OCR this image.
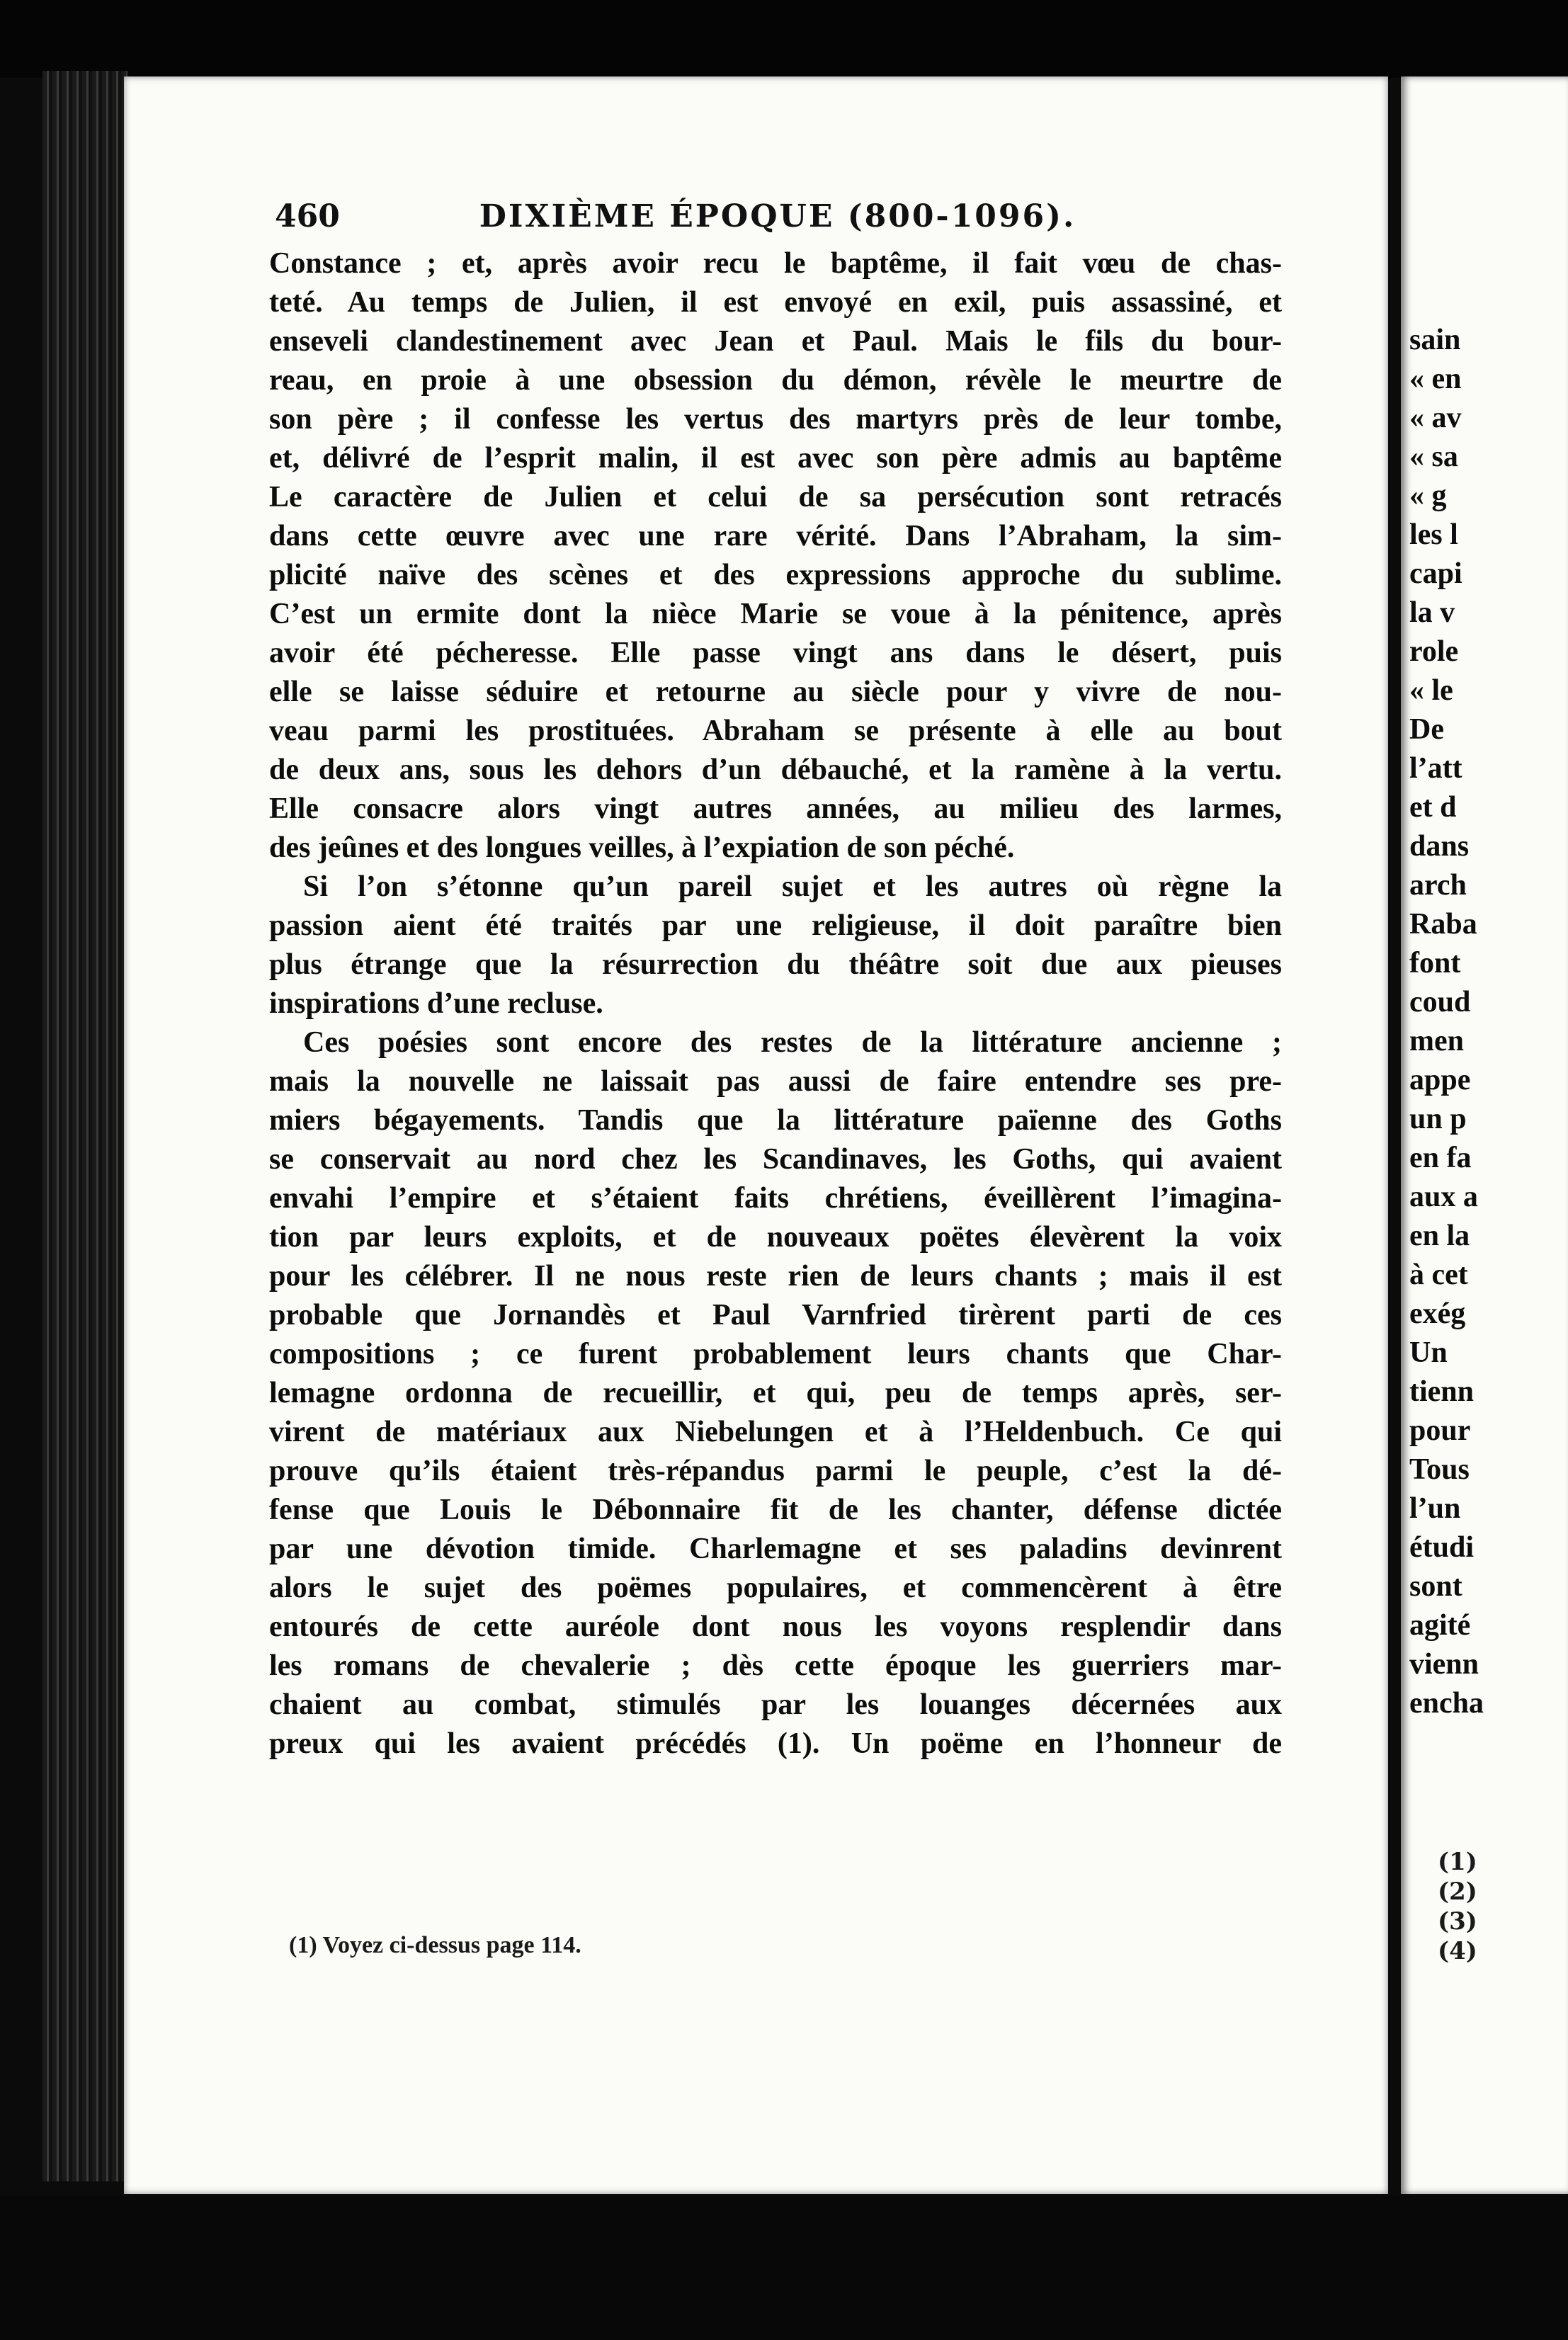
460	DIXIÈME ÉPOQUE (800-1096).
Constance ; et, après avoir recu le baptême, il fait vœu de chas-
teté. Au temps de Julien, il est envoyé en exil, puis assassiné, et
enseveli clandestinement avec Jean et Paul. Mais le fils du bour-
reau, en proie à une obsession du démon, révèle le meurtre de
son père ; il confesse les vertus des martyrs près de leur tombe,
et, délivré de l’esprit malin, il est avec son père admis au baptême
Le caractère de Julien et celui de sa persécution sont retracés
dans cette œuvre avec une rare vérité. Dans l’Abraham, la sim-
plicité naïve des scènes et des expressions approche du sublime.
C’est un ermite dont la nièce Marie se voue à la pénitence, après
avoir été pécheresse. Elle passe vingt ans dans le désert, puis
elle se laisse séduire et retourne au siècle pour y vivre de nou-
veau parmi les prostituées. Abraham se présente à elle au bout
de deux ans, sous les dehors d’un débauché, et la ramène à la vertu.
Elle consacre alors vingt autres années, au milieu des larmes,
des jeûnes et des longues veilles, à l’expiation de son péché.
Si l’on s’étonne qu’un pareil sujet et les autres où règne la
passion aient été traités par une religieuse, il doit paraître bien
plus étrange que la résurrection du théâtre soit due aux pieuses
inspirations d’une recluse.
Ces poésies sont encore des restes de la littérature ancienne ;
mais la nouvelle ne laissait pas aussi de faire entendre ses pre-
miers bégayements. Tandis que la littérature païenne des Goths
se conservait au nord chez les Scandinaves, les Goths, qui avaient
envahi l’empire et s’étaient faits chrétiens, éveillèrent l’imagina-
tion par leurs exploits, et de nouveaux poëtes élevèrent la voix
pour les célébrer. Il ne nous reste rien de leurs chants ; mais il est
probable que Jornandès et Paul Varnfried tirèrent parti de ces
compositions ; ce furent probablement leurs chants que Char-
lemagne ordonna de recueillir, et qui, peu de temps après, ser-
virent de matériaux aux Niebelungen et à l’Heldenbuch. Ce qui
prouve qu’ils étaient très-répandus parmi le peuple, c’est la dé-
fense que Louis le Débonnaire fit de les chanter, défense dictée
par une dévotion timide. Charlemagne et ses paladins devinrent
alors le sujet des poëmes populaires, et commencèrent à être
entourés de cette auréole dont nous les voyons resplendir dans
les romans de chevalerie ; dès cette époque les guerriers mar-
chaient au combat, stimulés par les louanges décernées aux
preux qui les avaient précédés (1). Un poëme en l’honneur de
(1) Voyez ci-dessus page 114.
sain
« en
« av
« sa
« g
les l
capi
la v
role
« le
De
l’att
et d
dans
arch
Raba
font
coud
men
appe
un p
en fa
aux a
en la
à cet
exég
Un
tienn
pour
Tous
l’un
étudi
sont
agité
vienn
encha
(1)
(2)
(3)
(4)
